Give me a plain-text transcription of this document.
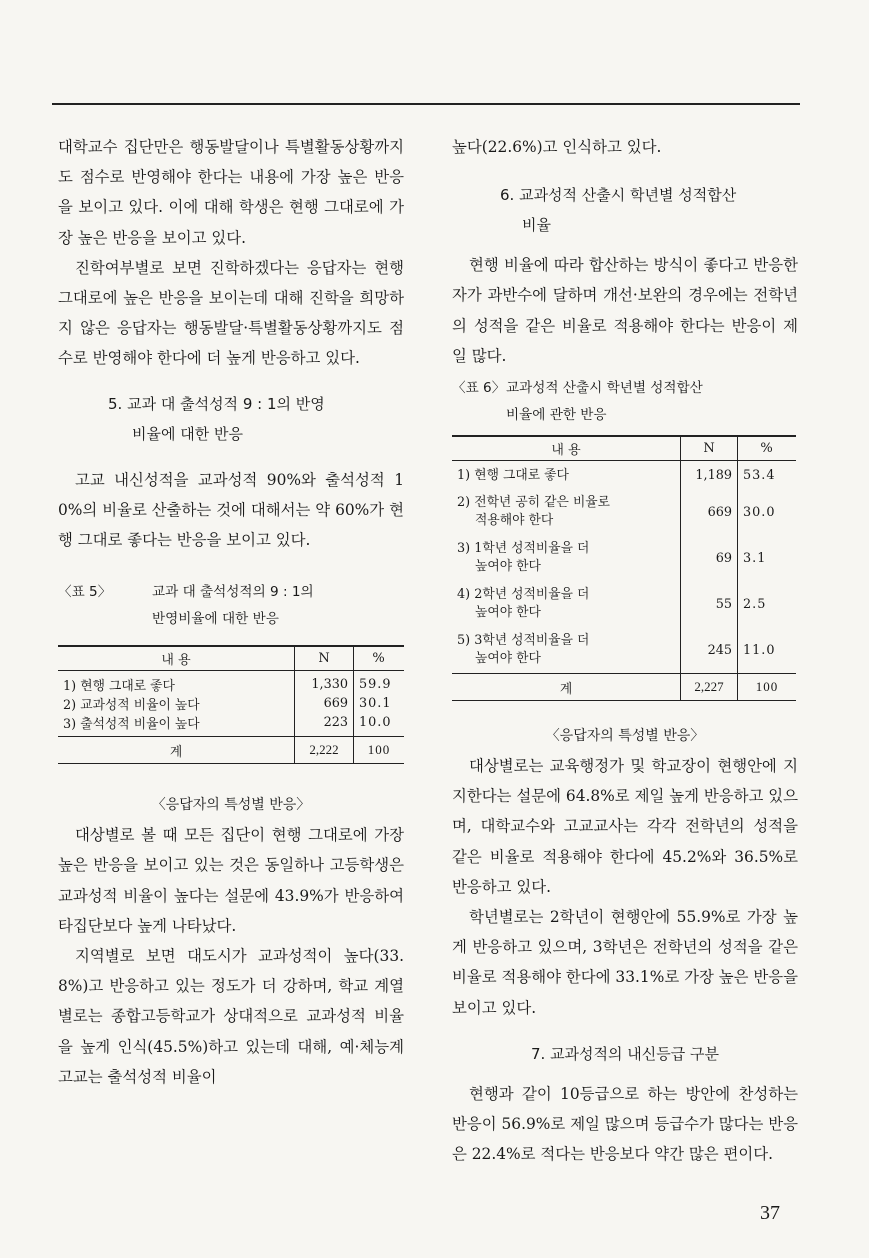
대학교수 집단만은 행동발달이나 특별활동상황까지도 점수로 반영해야 한다는 내용에 가장 높은 반응을 보이고 있다. 이에 대해 학생은 현행 그대로에 가장 높은 반응을 보이고 있다.

진학여부별로 보면 진학하겠다는 응답자는 현행 그대로에 높은 반응을 보이는데 대해 진학을 희망하지 않은 응답자는 행동발달·특별활동상황까지도 점수로 반영해야 한다에 더 높게 반응하고 있다.

5. 교과 대 출석성적 9 : 1의 반영
비율에 대한 반응

고교 내신성적을 교과성적 90%와 출석성적 10%의 비율로 산출하는 것에 대해서는 약 60%가 현행 그대로 좋다는 반응을 보이고 있다.

〈표 5〉	교과 대 출석성적의 9 : 1의
반영비율에 대한 반응
내 용	N	%
1) 현행 그대로 좋다	1,330	59.9
2) 교과성적 비율이 높다	669	30.1
3) 출석성적 비율이 높다	223	10.0
계	2,222	100
〈응답자의 특성별 반응〉

대상별로 볼 때 모든 집단이 현행 그대로에 가장 높은 반응을 보이고 있는 것은 동일하나 고등학생은 교과성적 비율이 높다는 설문에 43.9%가 반응하여 타집단보다 높게 나타났다.

지역별로 보면 대도시가 교과성적이 높다(33.8%)고 반응하고 있는 정도가 더 강하며, 학교 계열별로는 종합고등학교가 상대적으로 교과성적 비율을 높게 인식(45.5%)하고 있는데 대해, 예·체능계 고교는 출석성적 비율이

높다(22.6%)고 인식하고 있다.

6. 교과성적 산출시 학년별 성적합산
비율

현행 비율에 따라 합산하는 방식이 좋다고 반응한 자가 과반수에 달하며 개선·보완의 경우에는 전학년의 성적을 같은 비율로 적용해야 한다는 반응이 제일 많다.

〈표 6〉 교과성적 산출시 학년별 성적합산
비율에 관한 반응
내 용	N	%

1) 현행 그대로 좋다	1,189	53.4

2) 전학년 공히 같은 비율로
적용해야 한다	669	30.0

3) 1학년 성적비율을 더
높여야 한다	69	3.1

4) 2학년 성적비율을 더
높여야 한다	55	2.5

5) 3학년 성적비율을 더
높여야 한다	245	11.0
계	2,227	100
〈응답자의 특성별 반응〉

대상별로는 교육행정가 및 학교장이 현행안에 지지한다는 설문에 64.8%로 제일 높게 반응하고 있으며, 대학교수와 고교교사는 각각 전학년의 성적을 같은 비율로 적용해야 한다에 45.2%와 36.5%로 반응하고 있다.

학년별로는 2학년이 현행안에 55.9%로 가장 높게 반응하고 있으며, 3학년은 전학년의 성적을 같은 비율로 적용해야 한다에 33.1%로 가장 높은 반응을 보이고 있다.

7. 교과성적의 내신등급 구분

현행과 같이 10등급으로 하는 방안에 찬성하는 반응이 56.9%로 제일 많으며 등급수가 많다는 반응은 22.4%로 적다는 반응보다 약간 많은 편이다.

37
